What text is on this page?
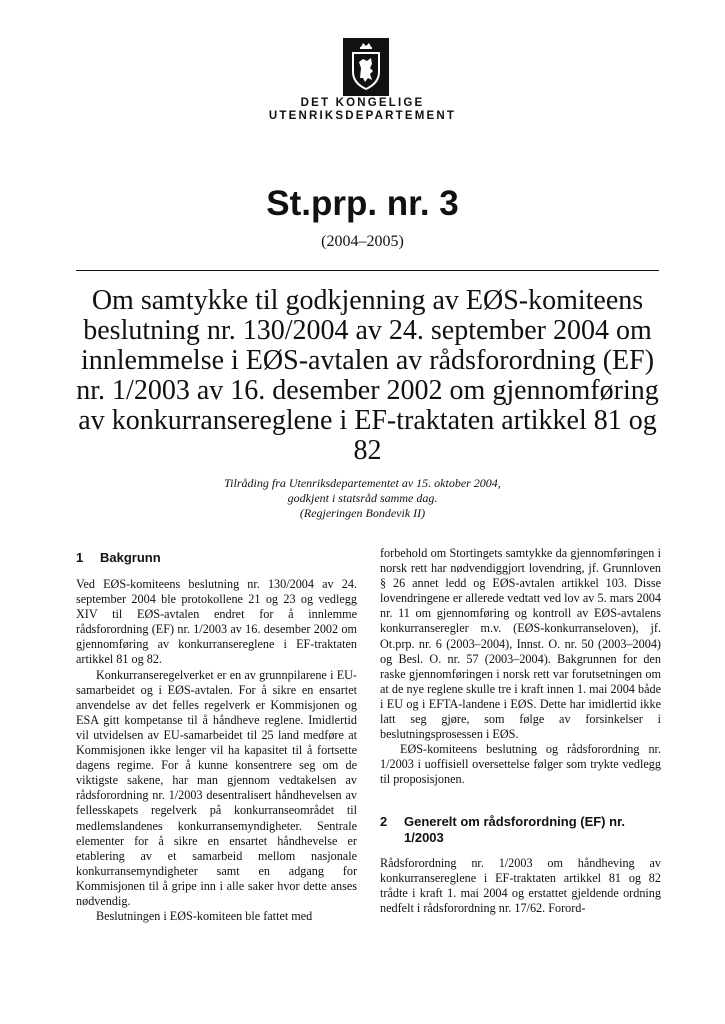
DET KONGELIGE
UTENRIKSDEPARTEMENT
St.prp. nr. 3
(2004–2005)
Om samtykke til godkjenning av EØS-komiteens beslutning nr. 130/2004 av 24. september 2004 om innlemmelse i EØS-avtalen av rådsforordning (EF) nr. 1/2003 av 16. desember 2002 om gjennomføring av konkurransereglene i EF-traktaten artikkel 81 og 82
Tilråding fra Utenriksdepartementet av 15. oktober 2004,
godkjent i statsråd samme dag.
(Regjeringen Bondevik II)
1	Bakgrunn

Ved EØS-komiteens beslutning nr. 130/2004 av 24. september 2004 ble protokollene 21 og 23 og vedlegg XIV til EØS-avtalen endret for å innlemme rådsforordning (EF) nr. 1/2003 av 16. desember 2002 om gjennomføring av konkurransereglene i EF-traktaten artikkel 81 og 82.

Konkurranseregelverket er en av grunnpilarene i EU-samarbeidet og i EØS-avtalen. For å sikre en ensartet anvendelse av det felles regelverk er Kommisjonen og ESA gitt kompetanse til å håndheve reglene. Imidlertid vil utvidelsen av EU-samarbeidet til 25 land medføre at Kommisjonen ikke lenger vil ha kapasitet til å fortsette dagens regime. For å kunne konsentrere seg om de viktigste sakene, har man gjennom vedtakelsen av rådsforordning nr. 1/2003 desentralisert håndhevelsen av fellesskapets regelverk på konkurranseområdet til medlemslandenes konkurransemyndigheter. Sentrale elementer for å sikre en ensartet håndhevelse er etablering av et samarbeid mellom nasjonale konkurransemyndigheter samt en adgang for Kommisjonen til å gripe inn i alle saker hvor dette anses nødvendig.

Beslutningen i EØS-komiteen ble fattet med

forbehold om Stortingets samtykke da gjennomføringen i norsk rett har nødvendiggjort lovendring, jf. Grunnloven § 26 annet ledd og EØS-avtalen artikkel 103. Disse lovendringene er allerede vedtatt ved lov av 5. mars 2004 nr. 11 om gjennomføring og kontroll av EØS-avtalens konkurranseregler m.v. (EØS-konkurranseloven), jf. Ot.prp. nr. 6 (2003–2004), Innst. O. nr. 50 (2003–2004) og Besl. O. nr. 57 (2003–2004). Bakgrunnen for den raske gjennomføringen i norsk rett var forutsetningen om at de nye reglene skulle tre i kraft innen 1. mai 2004 både i EU og i EFTA-landene i EØS. Dette har imidlertid ikke latt seg gjøre, som følge av forsinkelser i beslutningsprosessen i EØS.

EØS-komiteens beslutning og rådsforordning nr. 1/2003 i uoffisiell oversettelse følger som trykte vedlegg til proposisjonen.

2	Generelt om rådsforordning (EF) nr. 1/2003

Rådsforordning nr. 1/2003 om håndheving av konkurransereglene i EF-traktaten artikkel 81 og 82 trådte i kraft 1. mai 2004 og erstattet gjeldende ordning nedfelt i rådsforordning nr. 17/62. Forord-
